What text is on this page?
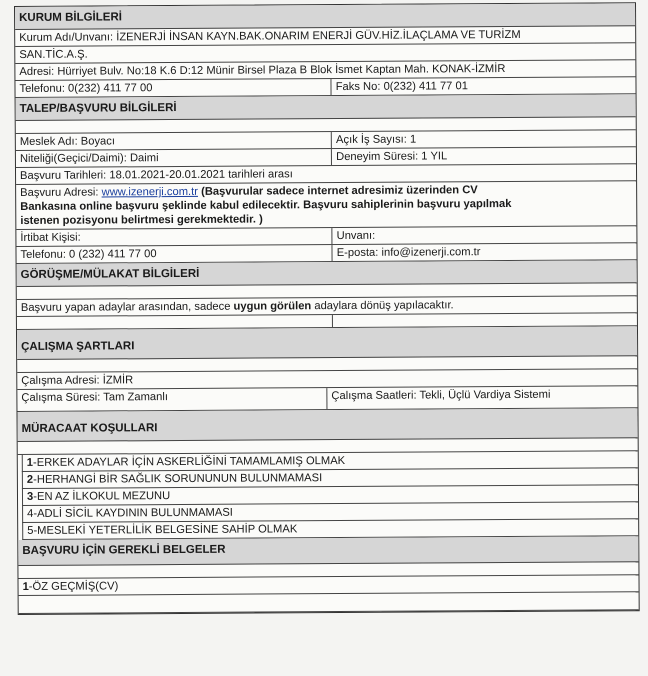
KURUM BİLGİLERİ
Kurum Adı/Unvanı: İZENERJİ İNSAN KAYN.BAK.ONARIM ENERJİ GÜV.HİZ.İLAÇLAMA VE TURİZM
SAN.TİC.A.Ş.
Adresi: Hürriyet Bulv. No:18 K.6 D:12 Münir Birsel Plaza B Blok İsmet Kaptan Mah. KONAK-İZMİR
Telefonu: 0(232) 411 77 00	Faks No: 0(232) 411 77 01
TALEP/BAŞVURU BİLGİLERİ
Meslek Adı: Boyacı	Açık İş Sayısı: 1
Niteliği(Geçici/Daimi): Daimi	Deneyim Süresi: 1 YIL
Başvuru Tarihleri: 18.01.2021-20.01.2021 tarihleri arası
Başvuru Adresi: www.izenerji.com.tr (Başvurular sadece internet adresimiz üzerinden CV
Bankasına online başvuru şeklinde kabul edilecektir. Başvuru sahiplerinin başvuru yapılmak
istenen pozisyonu belirtmesi gerekmektedir. )
İrtibat Kişisi:	Unvanı:
Telefonu: 0 (232) 411 77 00	E-posta: info@izenerji.com.tr
GÖRÜŞME/MÜLAKAT BİLGİLERİ
Başvuru yapan adaylar arasından, sadece uygun görülen adaylara dönüş yapılacaktır.
ÇALIŞMA ŞARTLARI
Çalışma Adresi: İZMİR
Çalışma Süresi: Tam Zamanlı	Çalışma Saatleri: Tekli, Üçlü Vardiya Sistemi
MÜRACAAT KOŞULLARI
1-ERKEK ADAYLAR İÇİN ASKERLİĞİNİ TAMAMLAMIŞ OLMAK
2-HERHANGİ BİR SAĞLIK SORUNUNUN BULUNMAMASI
3-EN AZ İLKOKUL MEZUNU
4-ADLİ SİCİL KAYDININ BULUNMAMASI
5-MESLEKİ YETERLİLİK BELGESİNE SAHİP OLMAK
BAŞVURU İÇİN GEREKLİ BELGELER
1-ÖZ GEÇMİŞ(CV)
